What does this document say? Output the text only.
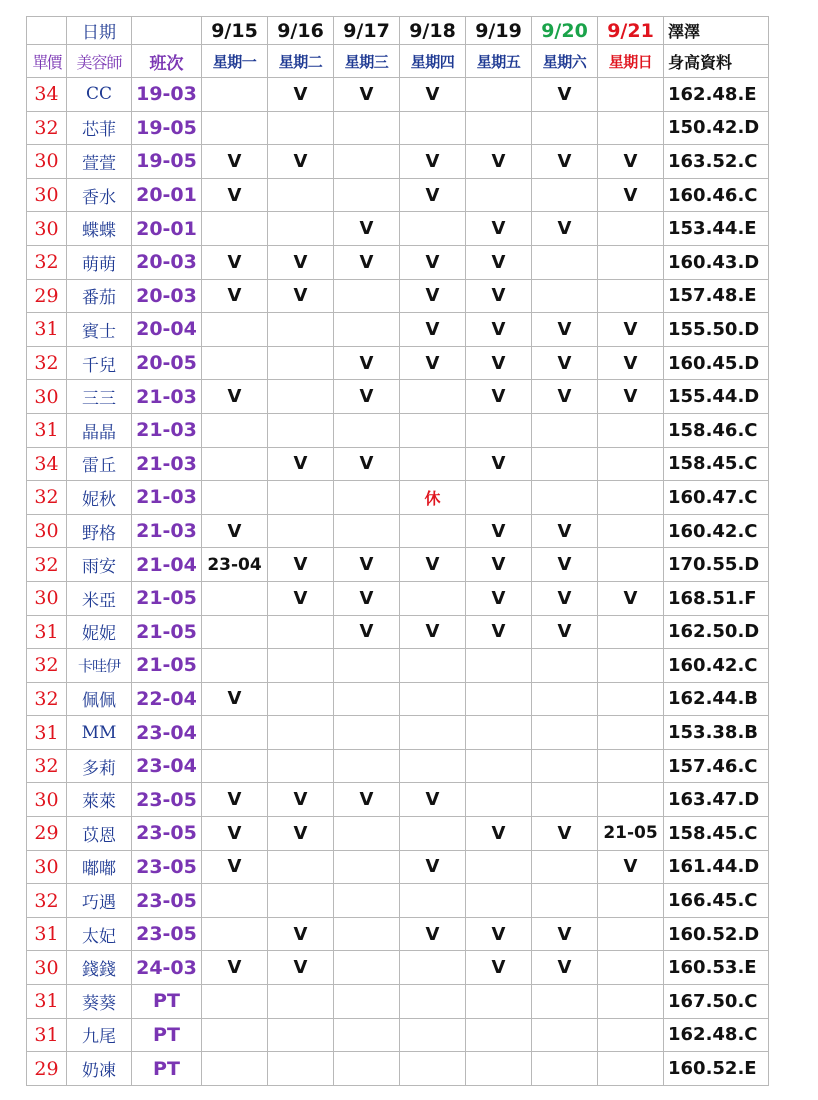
	日期		9/15	9/16	9/17	9/18	9/19	9/20	9/21	澤澤
單價	美容師	班次	星期一	星期二	星期三	星期四	星期五	星期六	星期日	身高資料
34	CC	19-03		V	V	V		V		162.48.E
32	芯菲	19-05								150.42.D
30	萱萱	19-05	V	V		V	V	V	V	163.52.C
30	香水	20-01	V			V			V	160.46.C
30	蝶蝶	20-01			V		V	V		153.44.E
32	萌萌	20-03	V	V	V	V	V			160.43.D
29	番茄	20-03	V	V		V	V			157.48.E
31	賓士	20-04				V	V	V	V	155.50.D
32	千兒	20-05			V	V	V	V	V	160.45.D
30	三三	21-03	V		V		V	V	V	155.44.D
31	晶晶	21-03								158.46.C
34	雷丘	21-03		V	V		V			158.45.C
32	妮秋	21-03				休				160.47.C
30	野格	21-03	V				V	V		160.42.C
32	雨安	21-04	23-04	V	V	V	V	V		170.55.D
30	米亞	21-05		V	V		V	V	V	168.51.F
31	妮妮	21-05			V	V	V	V		162.50.D
32	卡哇伊	21-05								160.42.C
32	佩佩	22-04	V							162.44.B
31	MM	23-04								153.38.B
32	多莉	23-04								157.46.C
30	萊萊	23-05	V	V	V	V				163.47.D
29	苡恩	23-05	V	V			V	V	21-05	158.45.C
30	嘟嘟	23-05	V			V			V	161.44.D
32	巧遇	23-05								166.45.C
31	太妃	23-05		V		V	V	V		160.52.D
30	錢錢	24-03	V	V			V	V		160.53.E
31	葵葵	PT								167.50.C
31	九尾	PT								162.48.C
29	奶凍	PT								160.52.E
